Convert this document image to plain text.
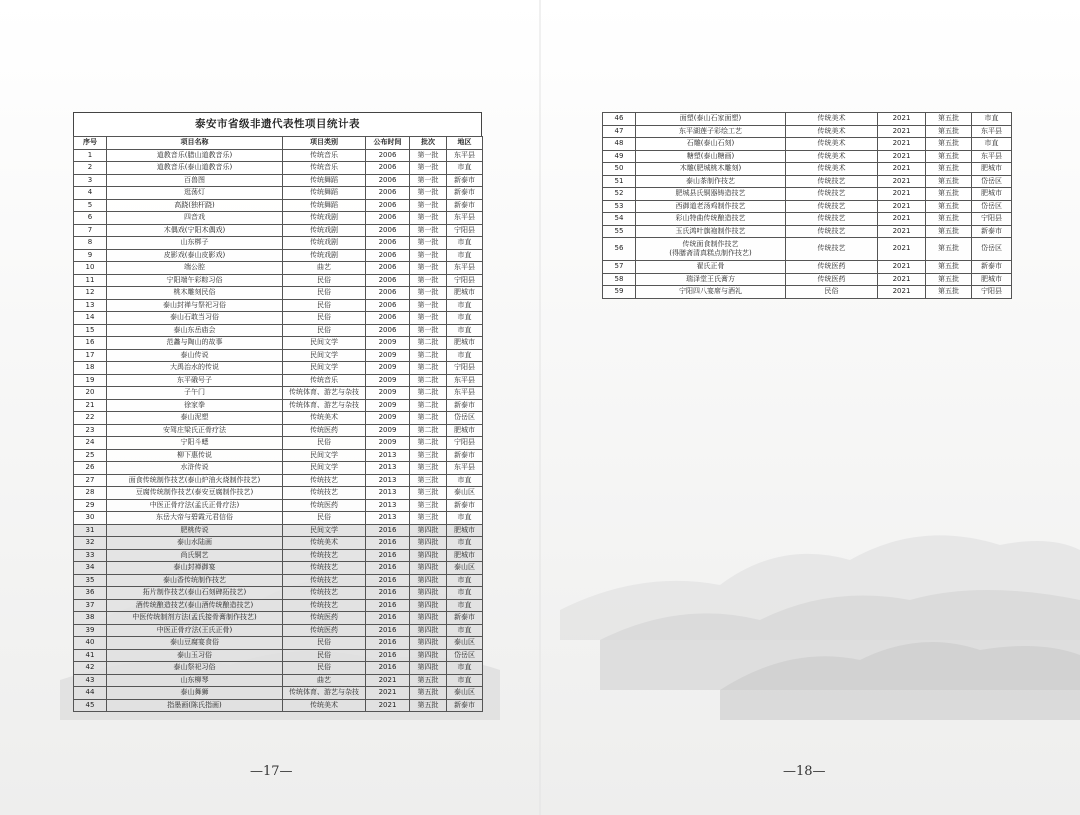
泰安市省级非遗代表性项目统计表
序号	项目名称	项目类别	公布时间	批次	地区
1	道教音乐(腊山道教音乐)	传统音乐	2006	第一批	东平县
2	道教音乐(泰山道教音乐)	传统音乐	2006	第一批	市直
3	百兽图	传统舞蹈	2006	第一批	新泰市
4	逛荡灯	传统舞蹈	2006	第一批	新泰市
5	高跷(独杆跷)	传统舞蹈	2006	第一批	新泰市
6	四音戏	传统戏剧	2006	第一批	东平县
7	木偶戏(宁阳木偶戏)	传统戏剧	2006	第一批	宁阳县
8	山东梆子	传统戏剧	2006	第一批	市直
9	皮影戏(泰山皮影戏)	传统戏剧	2006	第一批	市直
10	端公腔	曲艺	2006	第一批	东平县
11	宁阳端午彩粽习俗	民俗	2006	第一批	宁阳县
12	桃木雕刻民俗	民俗	2006	第一批	肥城市
13	泰山封禅与祭祀习俗	民俗	2006	第一批	市直
14	泰山石敢当习俗	民俗	2006	第一批	市直
15	泰山东岳庙会	民俗	2006	第一批	市直
16	范蠡与陶山的故事	民间文学	2009	第二批	肥城市
17	泰山传说	民间文学	2009	第二批	市直
18	大禹治水的传说	民间文学	2009	第二批	宁阳县
19	东平硪号子	传统音乐	2009	第二批	东平县
20	子午门	传统体育、游艺与杂技	2009	第二批	东平县
21	徐家拳	传统体育、游艺与杂技	2009	第二批	新泰市
22	泰山泥塑	传统美术	2009	第二批	岱岳区
23	安驾庄梁氏正骨疗法	传统医药	2009	第二批	肥城市
24	宁阳斗蟋	民俗	2009	第二批	宁阳县
25	柳下惠传说	民间文学	2013	第三批	新泰市
26	水浒传说	民间文学	2013	第三批	东平县
27	面食传统制作技艺(泰山炉油火烧制作技艺)	传统技艺	2013	第三批	市直
28	豆腐传统制作技艺(泰安豆腐制作技艺)	传统技艺	2013	第三批	泰山区
29	中医正骨疗法(孟氏正骨疗法)	传统医药	2013	第三批	新泰市
30	东岳大帝与碧霞元君信俗	民俗	2013	第三批	市直
31	肥桃传说	民间文学	2016	第四批	肥城市
32	泰山水陆画	传统美术	2016	第四批	市直
33	尚氏铜艺	传统技艺	2016	第四批	肥城市
34	泰山封禅御宴	传统技艺	2016	第四批	泰山区
35	泰山香传统制作技艺	传统技艺	2016	第四批	市直
36	拓片制作技艺(泰山石刻碑拓技艺)	传统技艺	2016	第四批	市直
37	酒传统酿造技艺(泰山酒传统酿造技艺)	传统技艺	2016	第四批	市直
38	中医传统制剂方法(孟氏接骨膏制作技艺)	传统医药	2016	第四批	新泰市
39	中医正骨疗法(王氏正骨)	传统医药	2016	第四批	市直
40	泰山豆腐宴食俗	民俗	2016	第四批	泰山区
41	泰山玉习俗	民俗	2016	第四批	岱岳区
42	泰山祭祀习俗	民俗	2016	第四批	市直
43	山东柳琴	曲艺	2021	第五批	市直
44	泰山舞狮	传统体育、游艺与杂技	2021	第五批	泰山区
45	指墨画(陈氏指画)	传统美术	2021	第五批	新泰市
46	面塑(泰山石家面塑)	传统美术	2021	第五批	市直
47	东平湖莲子彩绘工艺	传统美术	2021	第五批	东平县
48	石雕(泰山石刻)	传统美术	2021	第五批	市直
49	糖塑(泰山糖画)	传统美术	2021	第五批	东平县
50	木雕(肥城桃木雕刻)	传统美术	2021	第五批	肥城市
51	泰山茶制作技艺	传统技艺	2021	第五批	岱岳区
52	肥城县氏铜器铸造技艺	传统技艺	2021	第五批	肥城市
53	西御道老汤鸡制作技艺	传统技艺	2021	第五批	岱岳区
54	彩山特曲传统酿造技艺	传统技艺	2021	第五批	宁阳县
55	玉氏鸿叶旗袍制作技艺	传统技艺	2021	第五批	新泰市
56	传统面食制作技艺
(得膳斋清真糕点制作技艺)	传统技艺	2021	第五批	岱岳区
57	翟氏正骨	传统医药	2021	第五批	新泰市
58	瑞泽堂王氏膏方	传统医药	2021	第五批	肥城市
59	宁阳四八宴席与酒礼	民俗	2021	第五批	宁阳县
—17—	—18—
